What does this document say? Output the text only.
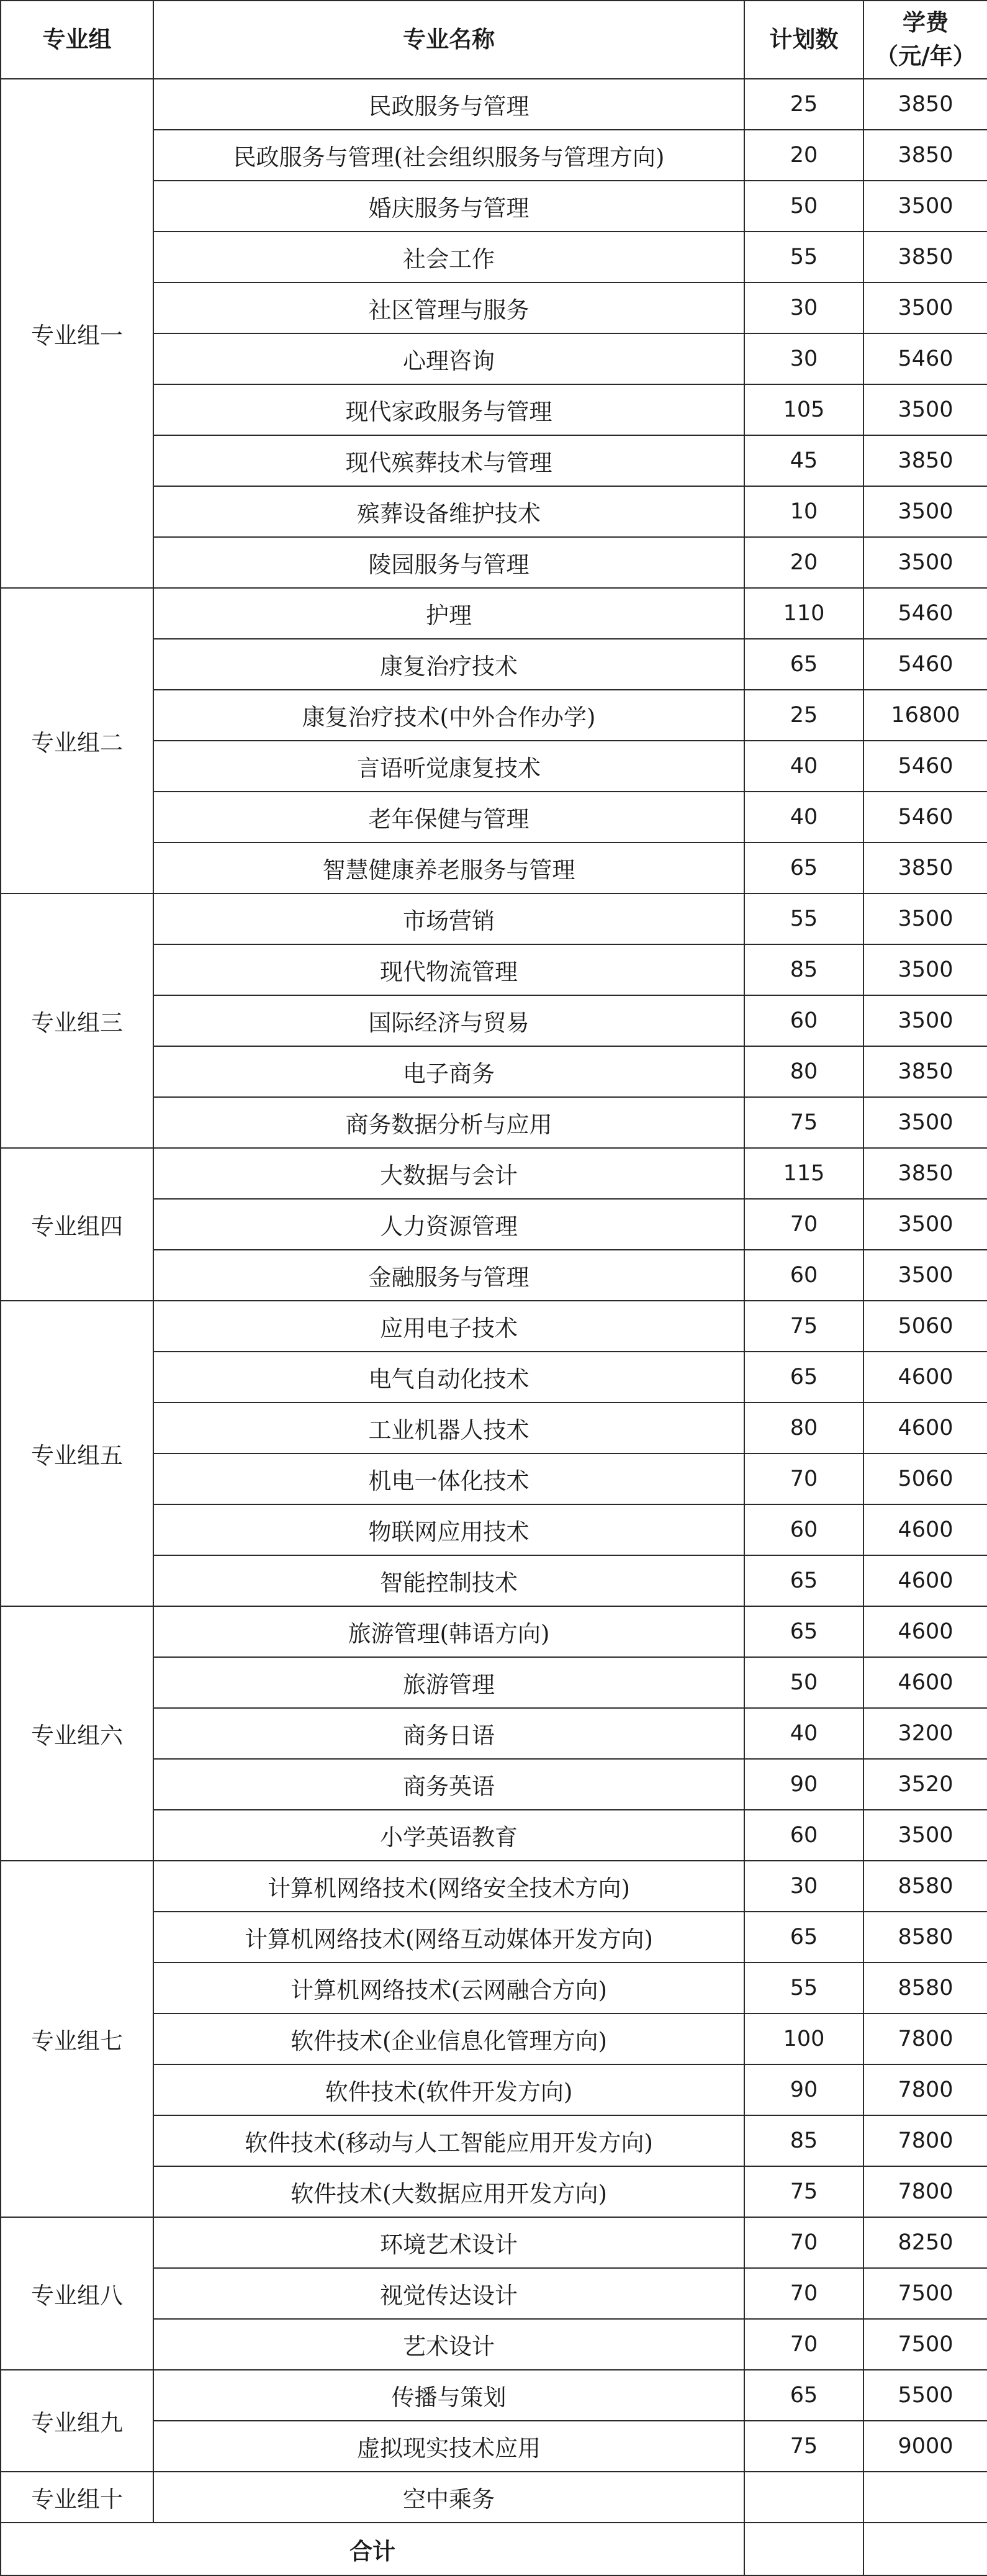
专业组	专业名称	计划数	学费
（元/年）

专业组一	民政服务与管理	25	3850
	民政服务与管理(社会组织服务与管理方向)	20	3850
	婚庆服务与管理	50	3500
	社会工作	55	3850
	社区管理与服务	30	3500
	心理咨询	30	5460
	现代家政服务与管理	105	3500
	现代殡葬技术与管理	45	3850
	殡葬设备维护技术	10	3500
	陵园服务与管理	20	3500
专业组二	护理	110	5460
	康复治疗技术	65	5460
	康复治疗技术(中外合作办学)	25	16800
	言语听觉康复技术	40	5460
	老年保健与管理	40	5460
	智慧健康养老服务与管理	65	3850
专业组三	市场营销	55	3500
	现代物流管理	85	3500
	国际经济与贸易	60	3500
	电子商务	80	3850
	商务数据分析与应用	75	3500
专业组四	大数据与会计	115	3850
	人力资源管理	70	3500
	金融服务与管理	60	3500
专业组五	应用电子技术	75	5060
	电气自动化技术	65	4600
	工业机器人技术	80	4600
	机电一体化技术	70	5060
	物联网应用技术	60	4600
	智能控制技术	65	4600
专业组六	旅游管理(韩语方向)	65	4600
	旅游管理	50	4600
	商务日语	40	3200
	商务英语	90	3520
	小学英语教育	60	3500
专业组七	计算机网络技术(网络安全技术方向)	30	8580
	计算机网络技术(网络互动媒体开发方向)	65	8580
	计算机网络技术(云网融合方向)	55	8580
	软件技术(企业信息化管理方向)	100	7800
	软件技术(软件开发方向)	90	7800
	软件技术(移动与人工智能应用开发方向)	85	7800
	软件技术(大数据应用开发方向)	75	7800
专业组八	环境艺术设计	70	8250
	视觉传达设计	70	7500
	艺术设计	70	7500
专业组九	传播与策划	65	5500
	虚拟现实技术应用	75	9000
专业组十	空中乘务		
合计			
